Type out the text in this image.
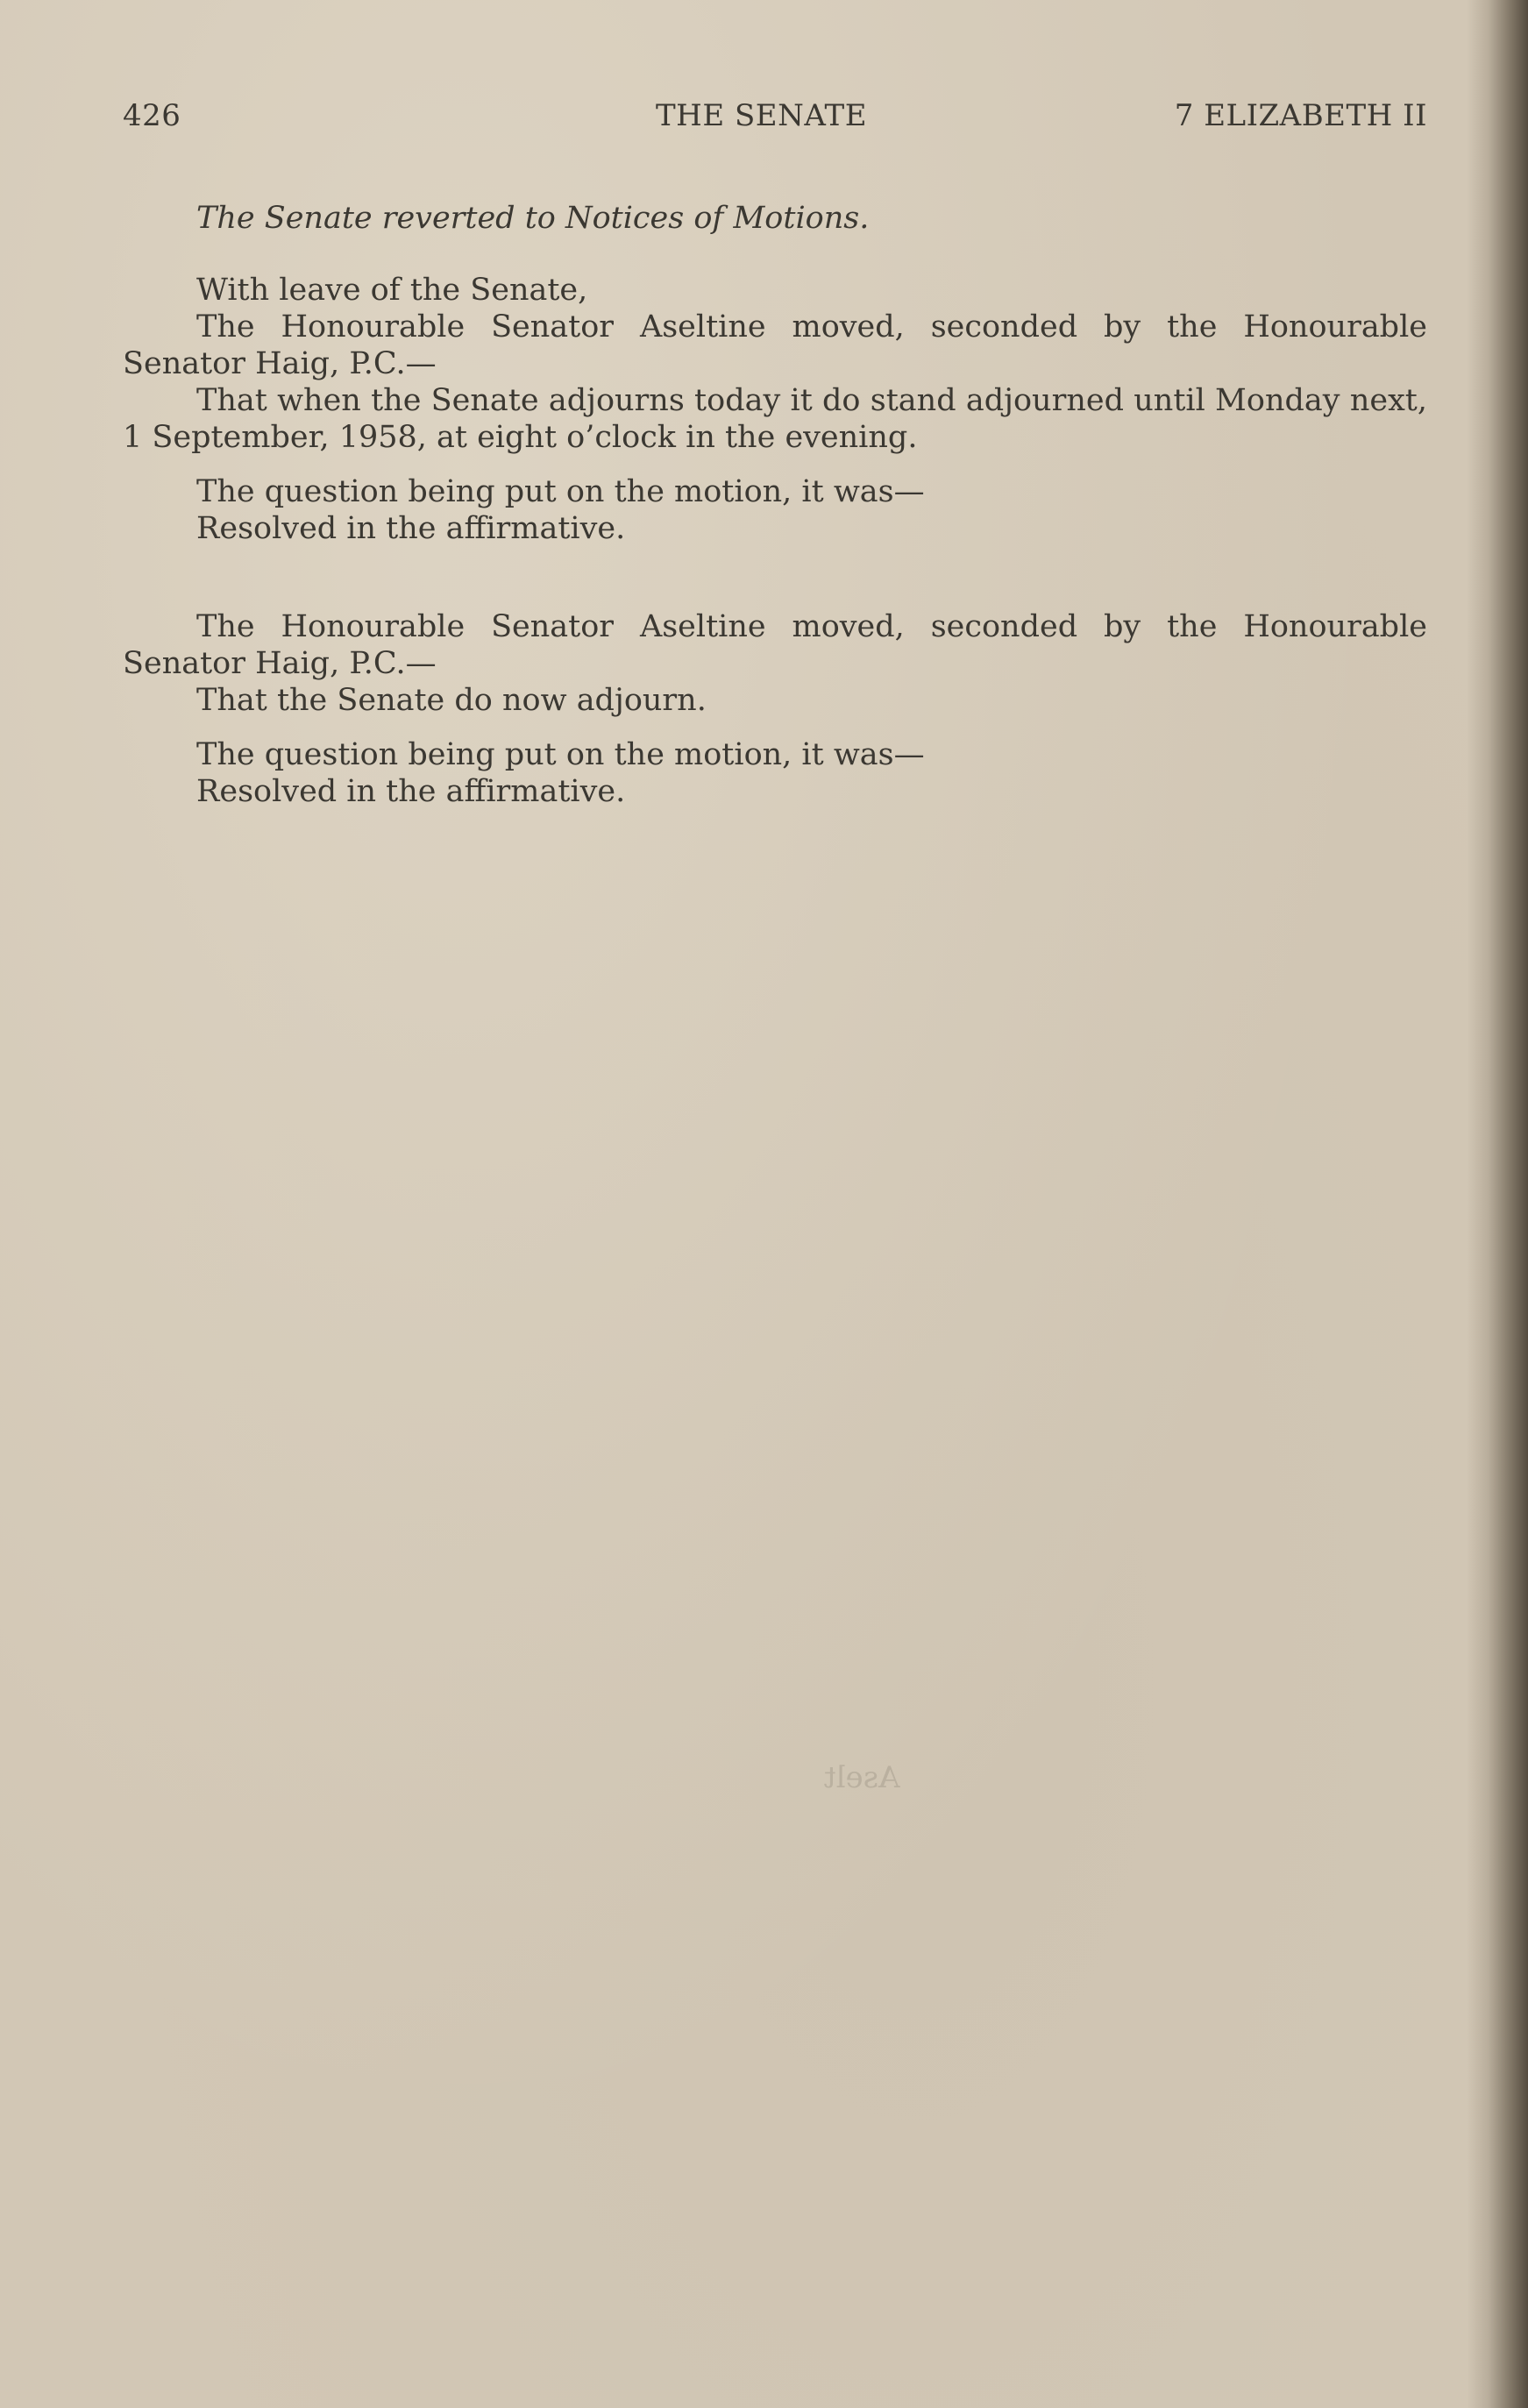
426	THE SENATE	7 ELIZABETH II

The Senate reverted to Notices of Motions.

With leave of the Senate,

The Honourable Senator Aseltine moved, seconded by the Honourable Senator Haig, P.C.—

That when the Senate adjourns today it do stand adjourned until Monday next, 1 September, 1958, at eight o’clock in the evening.

The question being put on the motion, it was—

Resolved in the affirmative.

The Honourable Senator Aseltine moved, seconded by the Honourable Senator Haig, P.C.—

That the Senate do now adjourn.

The question being put on the motion, it was—

Resolved in the affirmative.

Aselt
